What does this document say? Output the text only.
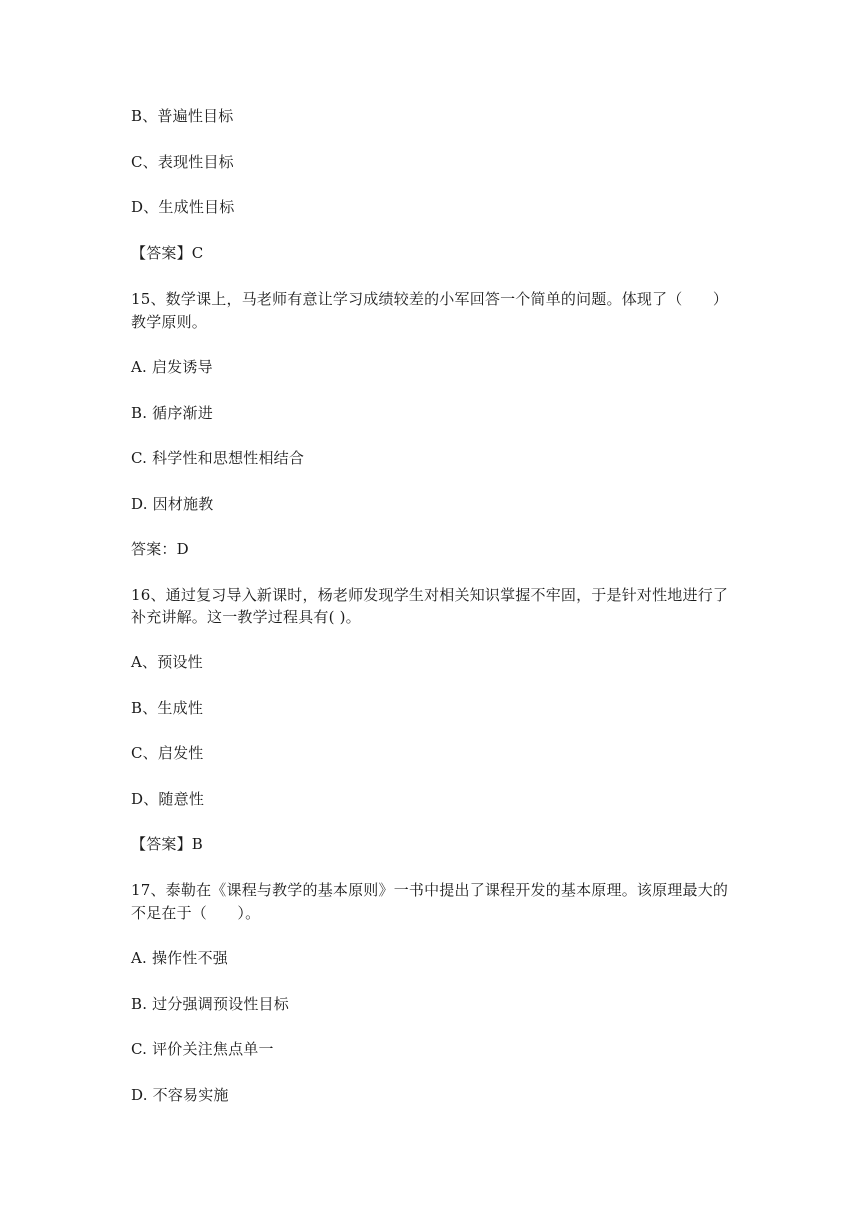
B、普遍性目标
C、表现性目标
D、生成性目标
【答案】C
15、数学课上，马老师有意让学习成绩较差的小军回答一个简单的问题。体现了（　　）
教学原则。
A. 启发诱导
B. 循序渐进
C. 科学性和思想性相结合
D. 因材施教
答案：D
16、通过复习导入新课时，杨老师发现学生对相关知识掌握不牢固，于是针对性地进行了
补充讲解。这一教学过程具有( )。
A、预设性
B、生成性
C、启发性
D、随意性
【答案】B
17、泰勒在《课程与教学的基本原则》一书中提出了课程开发的基本原理。该原理最大的
不足在于（　　）。
A. 操作性不强
B. 过分强调预设性目标
C. 评价关注焦点单一
D. 不容易实施
